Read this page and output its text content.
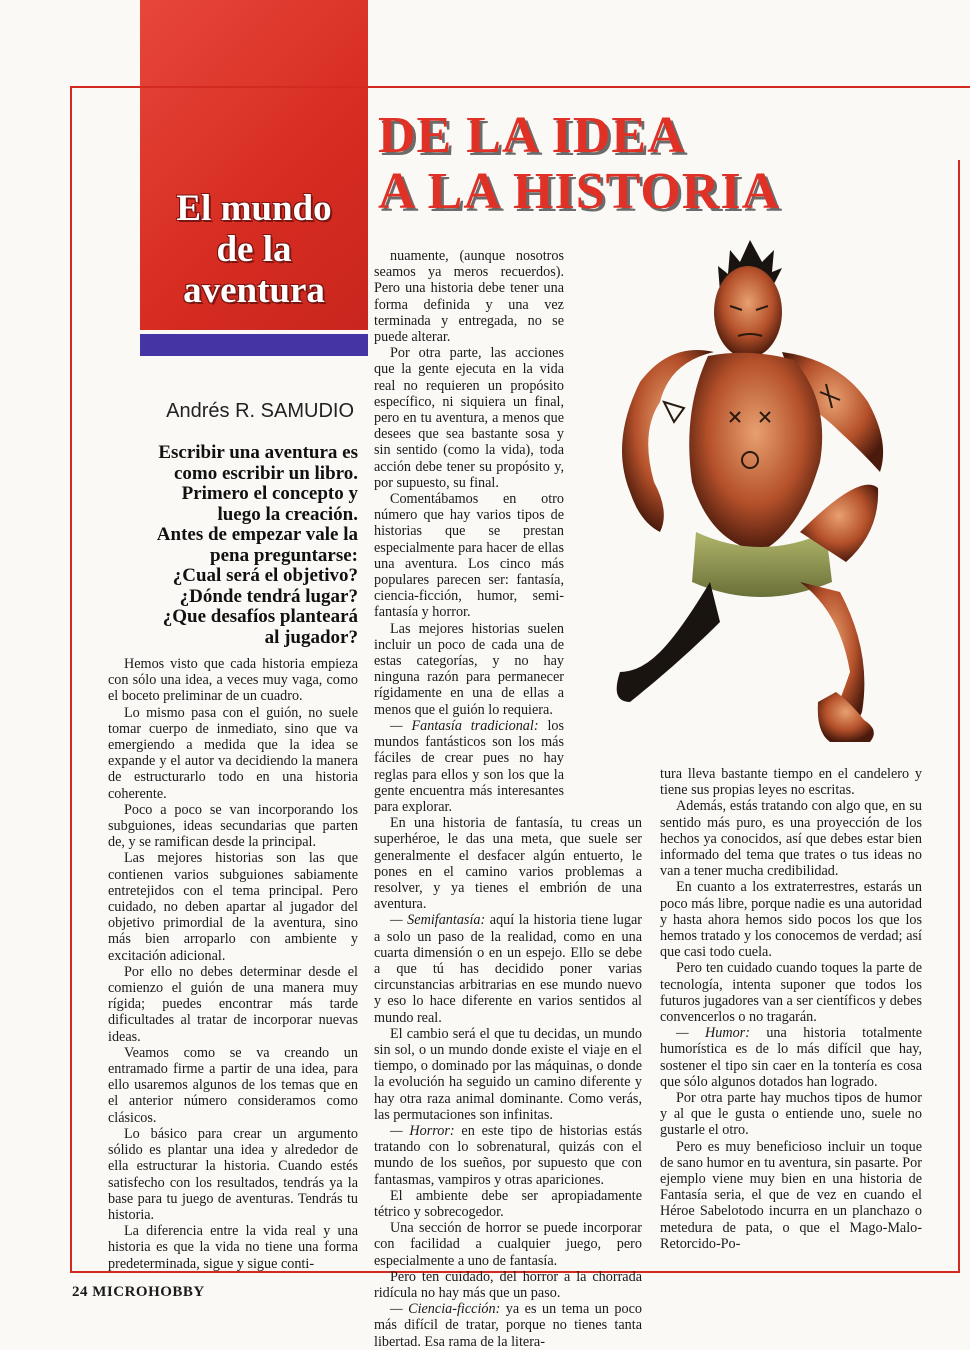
El mundo
de la
aventura
DE LA IDEA
A LA HISTORIA
Andrés R. SAMUDIO
Escribir una aventura es
como escribir un libro.
Primero el concepto y
luego la creación.
Antes de empezar vale la
pena preguntarse:
¿Cual será el objetivo?
¿Dónde tendrá lugar?
¿Que desafíos planteará
al jugador?

Hemos visto que cada historia empieza con sólo una idea, a veces muy vaga, como el boceto preliminar de un cuadro.

Lo mismo pasa con el guión, no suele tomar cuerpo de inmediato, sino que va emergiendo a medida que la idea se expande y el autor va decidiendo la manera de estructurarlo todo en una historia coherente.

Poco a poco se van incorporando los subguiones, ideas secundarias que parten de, y se ramifican desde la principal.

Las mejores historias son las que contienen varios subguiones sabiamente entretejidos con el tema principal. Pero cuidado, no deben apartar al jugador del objetivo primordial de la aventura, sino más bien arroparlo con ambiente y excitación adicional.

Por ello no debes determinar desde el comienzo el guión de una manera muy rígida; puedes encontrar más tarde dificultades al tratar de incorporar nuevas ideas.

Veamos como se va creando un entramado firme a partir de una idea, para ello usaremos algunos de los temas que en el anterior número consideramos como clásicos.

Lo básico para crear un argumento sólido es plantar una idea y alrededor de ella estructurar la historia. Cuando estés satisfecho con los resultados, tendrás ya la base para tu juego de aventuras. Tendrás tu historia.

La diferencia entre la vida real y una historia es que la vida no tiene una forma predeterminada, sigue y sigue conti-

nuamente, (aunque nosotros seamos ya meros recuerdos). Pero una historia debe tener una forma definida y una vez terminada y entregada, no se puede alterar.

Por otra parte, las acciones que la gente ejecuta en la vida real no requieren un propósito específico, ni siquiera un final, pero en tu aventura, a menos que desees que sea bastante sosa y sin sentido (como la vida), toda acción debe tener su propósito y, por supuesto, su final.

Comentábamos en otro número que hay varios tipos de historias que se prestan especialmente para hacer de ellas una aventura. Los cinco más populares parecen ser: fantasía, ciencia-ficción, humor, semi-fantasía y horror.

Las mejores historias suelen incluir un poco de cada una de estas categorías, y no hay ninguna razón para permanecer rígidamente en una de ellas a menos que el guión lo requiera.

— Fantasía tradicional: los mundos fantásticos son los más fáciles de crear pues no hay reglas para ellos y son los que la gente encuentra más interesantes para explorar.

En una historia de fantasía, tu creas un superhéroe, le das una meta, que suele ser generalmente el desfacer algún entuerto, le pones en el camino varios problemas a resolver, y ya tienes el embrión de una aventura.

— Semifantasía: aquí la historia tiene lugar a solo un paso de la realidad, como en una cuarta dimensión o en un espejo. Ello se debe a que tú has decidido poner varias circunstancias arbitrarias en ese mundo nuevo y eso lo hace diferente en varios sentidos al mundo real.

El cambio será el que tu decidas, un mundo sin sol, o un mundo donde existe el viaje en el tiempo, o dominado por las máquinas, o donde la evolución ha seguido un camino diferente y hay otra raza animal dominante. Como verás, las permutaciones son infinitas.

— Horror: en este tipo de historias estás tratando con lo sobrenatural, quizás con el mundo de los sueños, por supuesto que con fantasmas, vampiros y otras apariciones.

El ambiente debe ser apropiadamente tétrico y sobrecogedor.

Una sección de horror se puede incorporar con facilidad a cualquier juego, pero especialmente a uno de fantasía.

Pero ten cuidado, del horror a la chorrada ridícula no hay más que un paso.

— Ciencia-ficción: ya es un tema un poco más difícil de tratar, porque no tienes tanta libertad. Esa rama de la litera-

tura lleva bastante tiempo en el candelero y tiene sus propias leyes no escritas.

Además, estás tratando con algo que, en su sentido más puro, es una proyección de los hechos ya conocidos, así que debes estar bien informado del tema que trates o tus ideas no van a tener mucha credibilidad.

En cuanto a los extraterrestres, estarás un poco más libre, porque nadie es una autoridad y hasta ahora hemos sido pocos los que los hemos tratado y los conocemos de verdad; así que casi todo cuela.

Pero ten cuidado cuando toques la parte de tecnología, intenta suponer que todos los futuros jugadores van a ser científicos y debes convencerlos o no tragarán.

— Humor: una historia totalmente humorística es de lo más difícil que hay, sostener el tipo sin caer en la tontería es cosa que sólo algunos dotados han logrado.

Por otra parte hay muchos tipos de humor y al que le gusta o entiende uno, suele no gustarle el otro.

Pero es muy beneficioso incluir un toque de sano humor en tu aventura, sin pasarte. Por ejemplo viene muy bien en una historia de Fantasía seria, el que de vez en cuando el Héroe Sabelotodo incurra en un planchazo o metedura de pata, o que el Mago-Malo-Retorcido-Po-

24 MICROHOBBY
